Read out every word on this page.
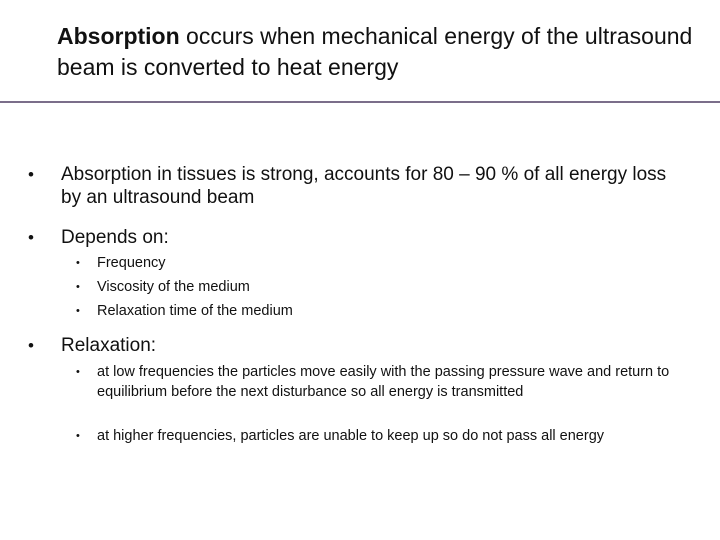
Absorption occurs when mechanical energy of the ultrasound beam is converted to heat energy
• Absorption in tissues is strong, accounts for 80 – 90 % of all energy loss by an ultrasound beam
• Depends on:
• Frequency
• Viscosity of the medium
• Relaxation time of the medium
• Relaxation:
• at low frequencies the particles move easily with the passing pressure wave and return to equilibrium before the next disturbance so all energy is transmitted
• at higher frequencies, particles are unable to keep up so do not pass all energy
